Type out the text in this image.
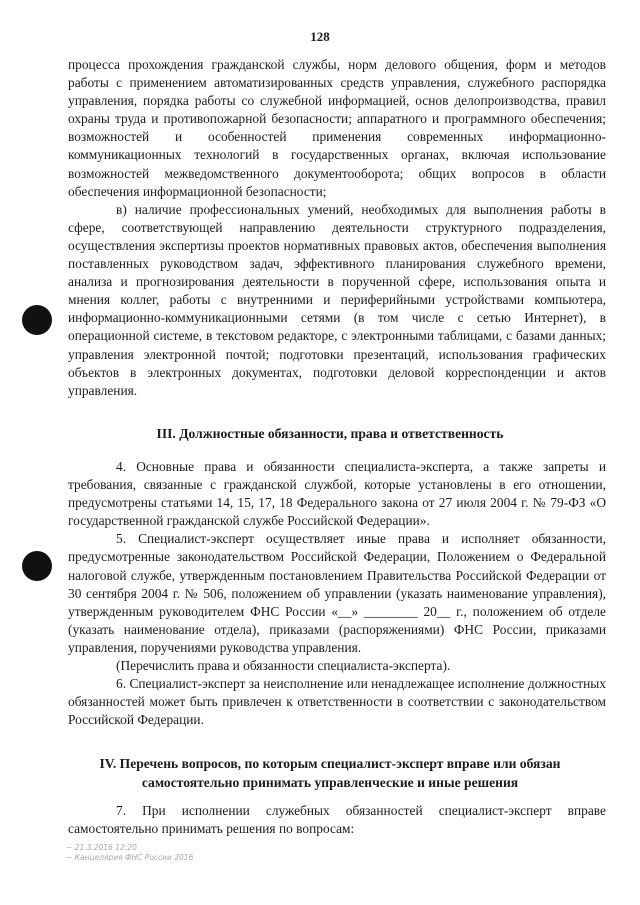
128

процесса прохождения гражданской службы, норм делового общения, форм и методов работы с применением автоматизированных средств управления, служебного распорядка управления, порядка работы со служебной информацией, основ делопроизводства, правил охраны труда и противопожарной безопасности; аппаратного и программного обеспечения; возможностей и особенностей применения современных информационно-коммуникационных технологий в государственных органах, включая использование возможностей межведомственного документооборота; общих вопросов в области обеспечения информационной безопасности;

в) наличие профессиональных умений, необходимых для выполнения работы в сфере, соответствующей направлению деятельности структурного подразделения, осуществления экспертизы проектов нормативных правовых актов, обеспечения выполнения поставленных руководством задач, эффективного планирования служебного времени, анализа и прогнозирования деятельности в порученной сфере, использования опыта и мнения коллег, работы с внутренними и периферийными устройствами компьютера, информационно-коммуникационными сетями (в том числе с сетью Интернет), в операционной системе, в текстовом редакторе, с электронными таблицами, с базами данных; управления электронной почтой; подготовки презентаций, использования графических объектов в электронных документах, подготовки деловой корреспонденции и актов управления.

III. Должностные обязанности, права и ответственность

4. Основные права и обязанности специалиста-эксперта, а также запреты и требования, связанные с гражданской службой, которые установлены в его отношении, предусмотрены статьями 14, 15, 17, 18 Федерального закона от 27 июля 2004 г. № 79-ФЗ «О государственной гражданской службе Российской Федерации».

5. Специалист-эксперт осуществляет иные права и исполняет обязанности, предусмотренные законодательством Российской Федерации, Положением о Федеральной налоговой службе, утвержденным постановлением Правительства Российской Федерации от 30 сентября 2004 г. № 506, положением об управлении (указать наименование управления), утвержденным руководителем ФНС России «__» ________ 20__ г., положением об отделе (указать наименование отдела), приказами (распоряжениями) ФНС России, приказами управления, поручениями руководства управления.

(Перечислить права и обязанности специалиста-эксперта).

6. Специалист-эксперт за неисполнение или ненадлежащее исполнение должностных обязанностей может быть привлечен к ответственности в соответствии с законодательством Российской Федерации.

IV. Перечень вопросов, по которым специалист-эксперт вправе или обязан
самостоятельно принимать управленческие и иные решения

7. При исполнении служебных обязанностей специалист-эксперт вправе самостоятельно принимать решения по вопросам:

~ 21.3.2016 12:20
~ Канцелярия ФНС России 2016
